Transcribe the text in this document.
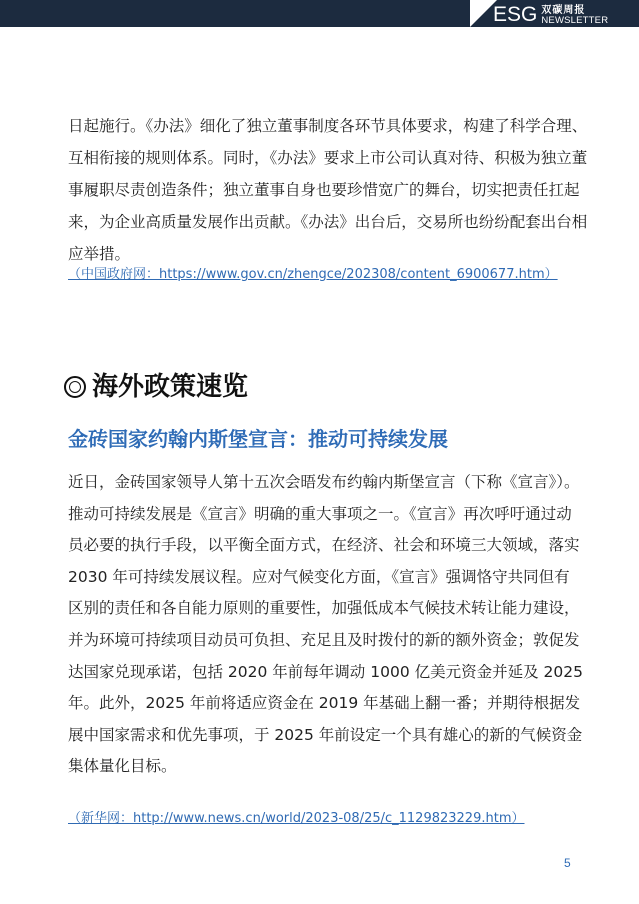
ESG 双碳周报
NEWSLETTER

日起施行。《办法》细化了独立董事制度各环节具体要求，构建了科学合理、互相衔接的规则体系。同时，《办法》要求上市公司认真对待、积极为独立董事履职尽责创造条件；独立董事自身也要珍惜宽广的舞台，切实把责任扛起来，为企业高质量发展作出贡献。《办法》出台后，交易所也纷纷配套出台相应举措。

（中国政府网：https://www.gov.cn/zhengce/202308/content_6900677.htm）

海外政策速览
金砖国家约翰内斯堡宣言：推动可持续发展

近日，金砖国家领导人第十五次会晤发布约翰内斯堡宣言（下称《宣言》）。推动可持续发展是《宣言》明确的重大事项之一。《宣言》再次呼吁通过动员必要的执行手段，以平衡全面方式，在经济、社会和环境三大领域，落实 2030 年可持续发展议程。应对气候变化方面，《宣言》强调恪守共同但有区别的责任和各自能力原则的重要性，加强低成本气候技术转让能力建设，并为环境可持续项目动员可负担、充足且及时拨付的新的额外资金；敦促发达国家兑现承诺，包括 2020 年前每年调动 1000 亿美元资金并延及 2025 年。此外，2025 年前将适应资金在 2019 年基础上翻一番；并期待根据发展中国家需求和优先事项，于 2025 年前设定一个具有雄心的新的气候资金集体量化目标。

（新华网：http://www.news.cn/world/2023-08/25/c_1129823229.htm）

5
